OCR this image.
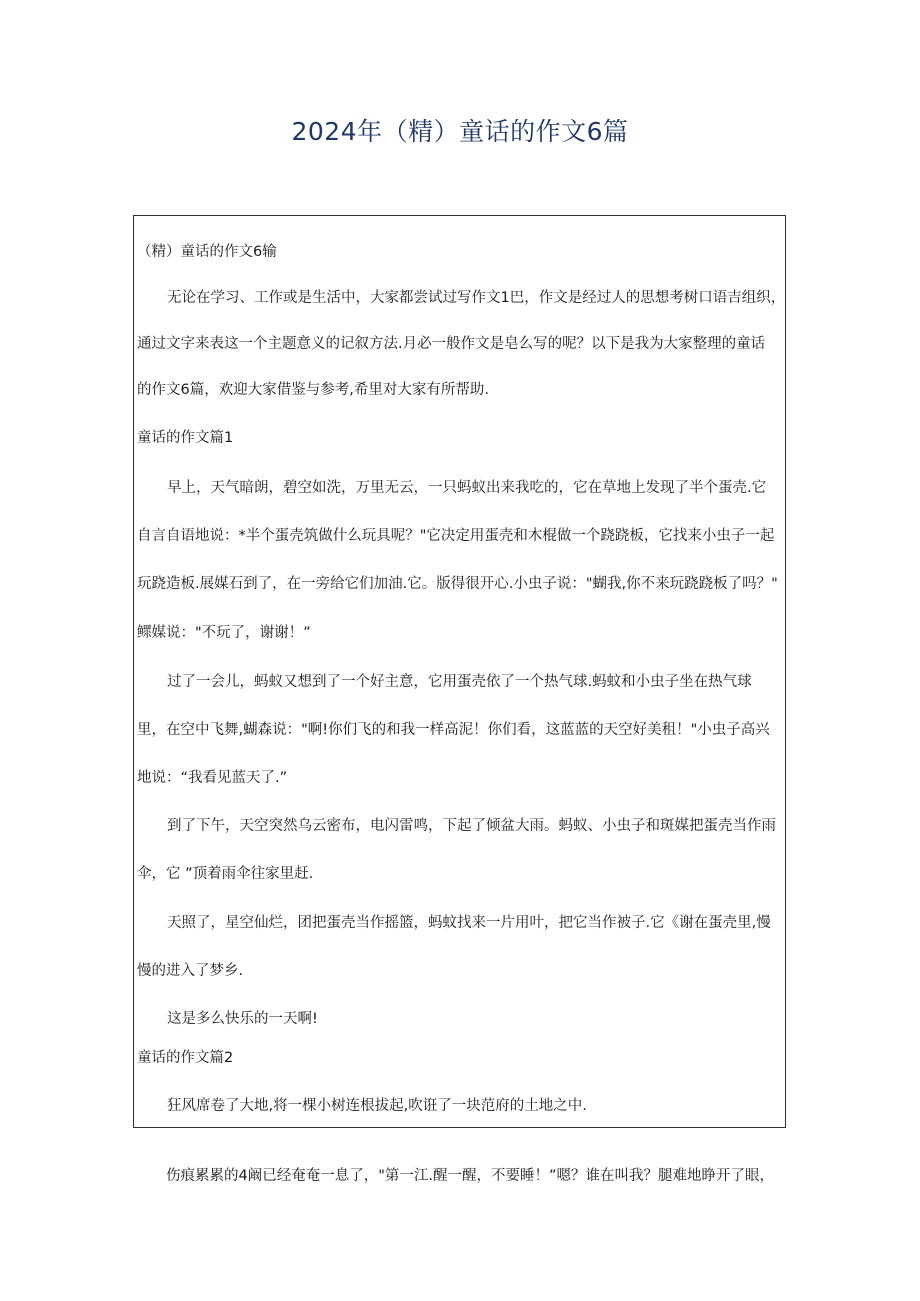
2024年（精）童话的作文6篇

（精）童话的作文6输

无论在学习、工作或是生活中，大家都尝试过写作文1巴，作文是经过人的思想考树口语吉组织，

通过文字来表这一个主题意义的记叙方法.月必一般作文是皂么写的呢？以下是我为大家整理的童话

的作文6篇，欢迎大家借鉴与参考,希里对大家有所帮助.

童话的作文篇1

早上，天气暗朗，碧空如洗，万里无云，一只蚂蚁出来我吃的，它在草地上发现了半个蛋壳.它

自言自语地说：*半个蛋壳筑做什么玩具呢？"它决定用蛋壳和木棍做一个跷跷板，它找来小虫子一起

玩跷造板.展媒石到了，在一旁给它们加油.它。版得很开心.小虫子说："蝴我,你不来玩跷跷板了吗？"

鳏媒说："不玩了，谢谢！”

过了一会儿，蚂蚁又想到了一个好主意，它用蛋壳依了一个热气球.蚂蚊和小虫子坐在热气球

里，在空中飞舞,蝴森说："啊!你们飞的和我一样高泥！你们看，这蓝蓝的天空好美租！"小虫子高兴

地说：“我看见蓝天了.”

到了下午，天空突然乌云密布，电闪雷鸣，下起了倾盆大雨。蚂蚁、小虫子和斑媒把蛋壳当作雨

伞，它 ”顶着雨伞往家里赶.

天照了，星空仙烂，团把蛋壳当作摇篮，蚂蚊找来一片用叶，把它当作被子.它《谢在蛋壳里,慢

慢的进入了梦乡.

这是多么快乐的一天啊!

童话的作文篇2

狂风席卷了大地,将一棵小树连根拔起,吹诳了一块范府的土地之中.

伤痕累累的4阚已经奄奄一息了，"第一江.醒一醒，不要睡！”嗯？谁在叫我？腿难地睁开了眼，
